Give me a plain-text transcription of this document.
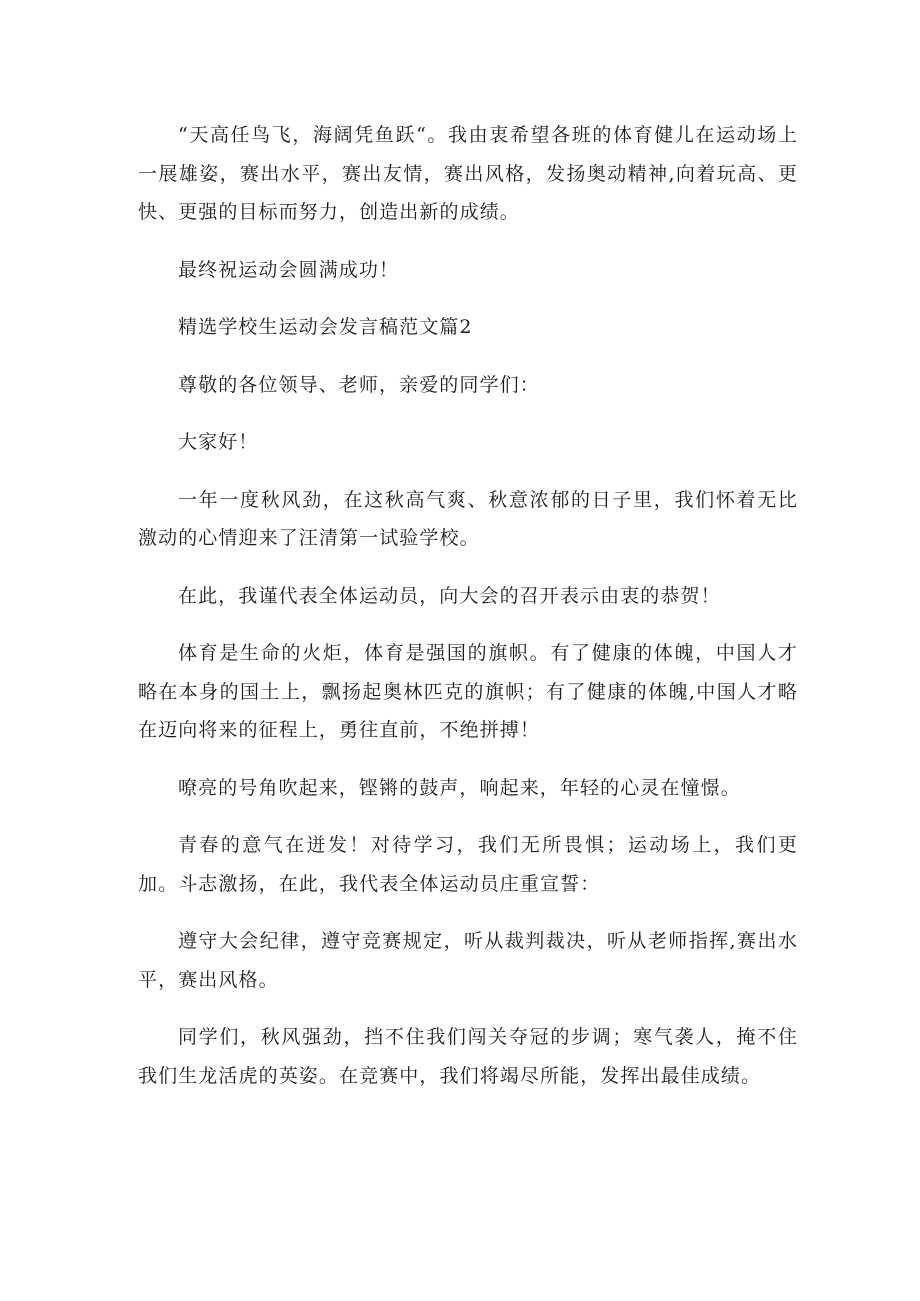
“天高任鸟飞，海阔凭鱼跃“。我由衷希望各班的体育健儿在运动场上一展雄姿，赛出水平，赛出友情，赛出风格，发扬奥动精神,向着玩高、更快、更强的目标而努力，创造出新的成绩。

最终祝运动会圆满成功！

精选学校生运动会发言稿范文篇2

尊敬的各位领导、老师，亲爱的同学们：

大家好！

一年一度秋风劲，在这秋高气爽、秋意浓郁的日子里，我们怀着无比激动的心情迎来了汪清第一试验学校。

在此，我谨代表全体运动员，向大会的召开表示由衷的恭贺！

体育是生命的火炬，体育是强国的旗帜。有了健康的体魄，中国人才略在本身的国土上，飘扬起奥林匹克的旗帜；有了健康的体魄,中国人才略在迈向将来的征程上，勇往直前，不绝拼搏！

嘹亮的号角吹起来，铿锵的鼓声，响起来，年轻的心灵在憧憬。

青春的意气在迸发！对待学习，我们无所畏惧；运动场上，我们更加。斗志激扬，在此，我代表全体运动员庄重宣誓：

遵守大会纪律，遵守竞赛规定，听从裁判裁决，听从老师指挥,赛出水平，赛出风格。

同学们，秋风强劲，挡不住我们闯关夺冠的步调；寒气袭人，掩不住我们生龙活虎的英姿。在竞赛中，我们将竭尽所能，发挥出最佳成绩。
